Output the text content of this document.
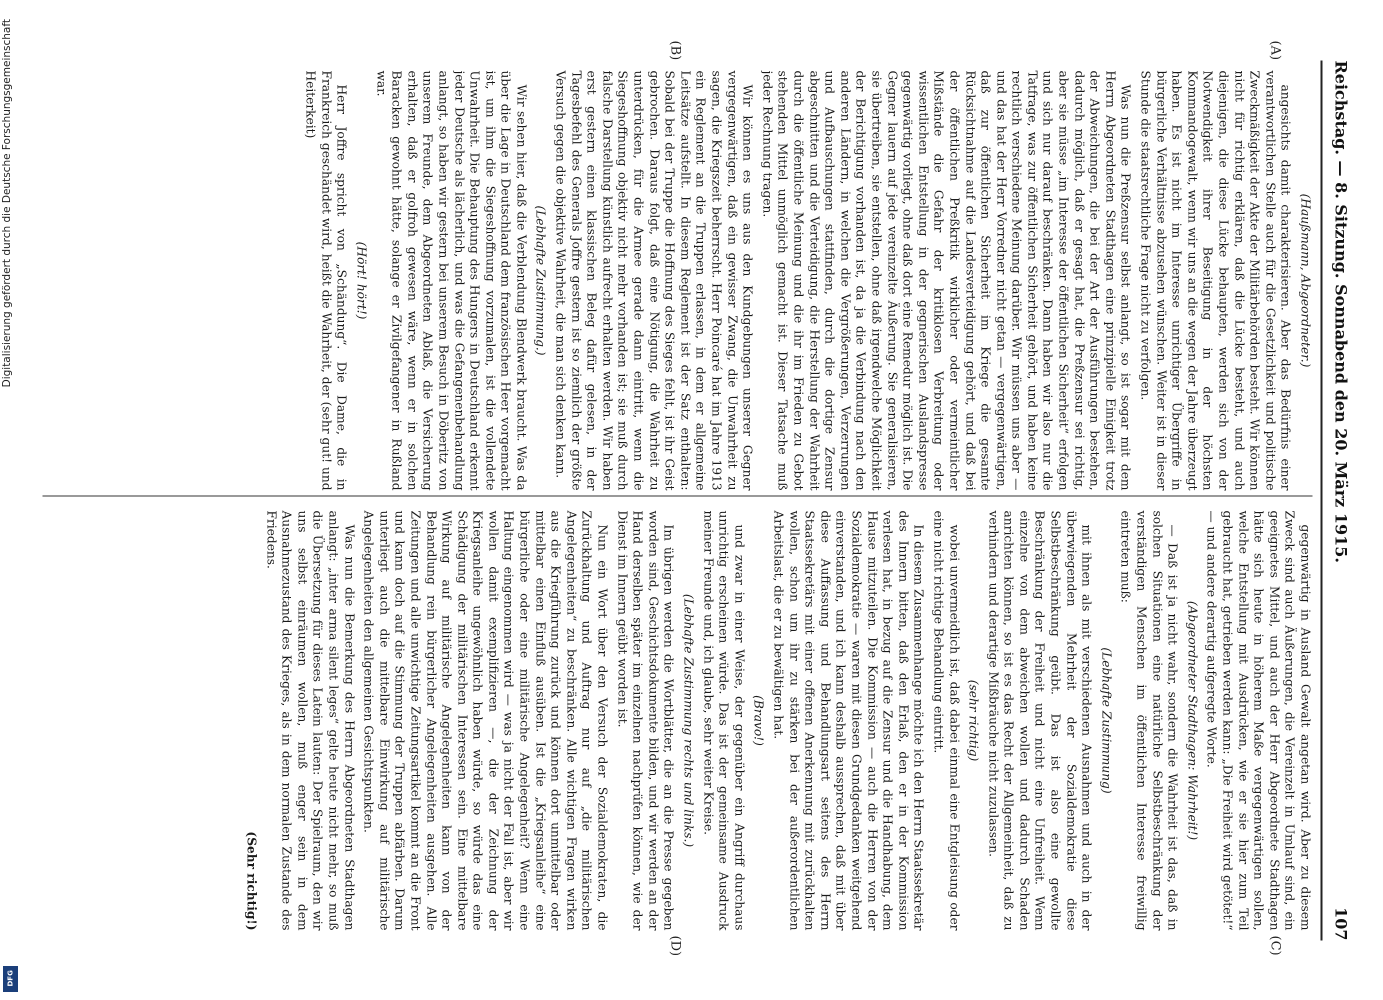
Reichstag. — 8. Sitzung. Sonnabend den 20. März 1915.
107
(A)
(B)
(C)
(D)

(Haußmann, Abgeordneter.)

angesichts damit charakterisieren. Aber das Bedürfnis einer verantwortlichen Stelle auch für die Gesetzlichkeit und politische Zweckmäßigkeit der Akte der Militärbehörden besteht. Wir können nicht für richtig erklären, daß die Lücke besteht, und auch diejenigen, die diese Lücke behaupten, werden sich von der Notwendigkeit ihrer Beseitigung in der höchsten Kommandogewalt, wenn wir uns an die wegen der Jahre überzeugt haben. Es ist nicht im Interesse unrichtiger Übergriffe in bürgerliche Verhältnisse abzusehen wünschen. Weiter ist in dieser Stunde die staatsrechtliche Frage nicht zu verfolgen.

Was nun die Preßzensur selbst anlangt, so ist sogar mit dem Herrn Abgeordneten Stadthagen eine prinzipielle Einigkeit trotz der Abweichungen, die bei der Art der Ausführungen bestehen, dadurch möglich, daß er gesagt hat, die Preßzensur sei richtig, aber sie müsse „im Interesse der öffentlichen Sicherheit“ erfolgen und sich nur darauf beschränken. Dann haben wir also nur die Tatfrage, was zur öffentlichen Sicherheit gehört, und haben keine rechtlich verschiedene Meinung darüber. Wir müssen uns aber — und das hat der Herr Vorredner nicht getan — vergegenwärtigen, daß zur öffentlichen Sicherheit im Kriege die gesamte Rücksichtnahme auf die Landesverteidigung gehört, und daß bei der öffentlichen Preßkritik wirklicher oder vermeintlicher Mißstände die Gefahr der kritiklosen Verbreitung oder wissentlichen Entstellung in der gegnerischen Auslandspresse gegenwärtig vorliegt, ohne daß dort eine Remedur möglich ist. Die Gegner lauern auf jede vereinzelte Äußerung. Sie generalisieren, sie übertreiben, sie entstellen, ohne daß irgendwelche Möglichkeit der Berichtigung vorhanden ist, da ja die Verbindung nach den anderen Ländern, in welchen die Vergrößerungen, Verzerrungen und Aufbauschungen stattfinden, durch die dortige Zensur abgeschnitten und die Verteidigung, die Herstellung der Wahrheit durch die öffentliche Meinung und die ihr im Frieden zu Gebot stehenden Mittel unmöglich gemacht ist. Dieser Tatsache muß jeder Rechnung tragen.

Wir können es uns aus den Kundgebungen unserer Gegner vergegenwärtigen, daß ein gewisser Zwang, die Unwahrheit zu sagen, die Kriegszeit beherrscht. Herr Poincaré hat im Jahre 1913 ein Reglement an die Truppen erlassen, in dem er allgemeine Leitsätze aufstellt. In diesem Reglement ist der Satz enthalten: Sobald bei der Truppe die Hoffnung des Sieges fehlt, ist ihr Geist gebrochen. Daraus folgt, daß eine Nötigung, die Wahrheit zu unterdrücken, für die Armee gerade dann eintritt, wenn die Siegeshoffnung objektiv nicht mehr vorhanden ist; sie muß durch falsche Darstellung künstlich aufrecht erhalten werden. Wir haben erst gestern einen klassischen Beleg dafür gelesen, in der Tagesbefehl des Generals Joffre gestern ist so ziemlich der größte Versuch gegen die objektive Wahrheit, die man sich denken kann.

(Lebhafte Zustimmung.)

Wir sehen hier, daß die Verblendung Blendwerk braucht. Was da über die Lage in Deutschland dem französischen Heer vorgemacht ist, um ihm die Siegeshoffnung vorzumalen, ist die vollendete Unwahrheit. Die Behauptung des Hungers in Deutschland erkennt jeder Deutsche als lächerlich, und was die Gefangenenbehandlung anlangt, so haben wir gestern bei unserem Besuch in Döberitz von unserem Freunde, dem Abgeordneten Ablaß, die Versicherung erhalten, daß er golfroh gewesen wäre, wenn er in solchen Baracken gewohnt hätte, solange er Zivilgefangener in Rußland war.

(Hört! hört!)

Herr Joffre spricht von „Schändung“. Die Dame, die in Frankreich geschändet wird, heißt die Wahrheit, der (sehr gut! und Heiterkeit)

gegenwärtig in Ausland Gewalt angetan wird. Aber zu diesem Zweck sind auch Äußerungen, die Vereinzelt in Umlauf sind, ein geeignetes Mittel, und auch der Herr Abgeordnete Stadthagen hätte sich heute in höherem Maße vergegenwärtigen sollen, welche Entstellung mit Ausdrücken, wie er sie hier zum Teil gebraucht hat, getrieben werden kann: „Die Freiheit wird getötet!“ — und andere derartig aufgeregte Worte.

(Abgeordneter Stadthagen: Wahrheit!)

— Daß ist ja nicht wahr, sondern die Wahrheit ist das, daß in solchen Situationen eine natürliche Selbstbeschränkung der verständigen Menschen im öffentlichen Interesse freiwillig eintreten muß:

(Lebhafte Zustimmung)

mit ihnen als mit verschiedenen Ausnahmen und auch in der überwiegenden Mehrheit der Sozialdemokratie diese Selbstbeschränkung geübt. Das ist also eine gewollte Beschränkung der Freiheit und nicht eine Unfreiheit. Wenn einzelne von dem abweichen wollen und dadurch Schaden anrichten können, so ist es das Recht der Allgemeinheit, daß zu verhindern und derartige Mißbräuche nicht zuzulassen.

(sehr richtig)

wobei unvermeidlich ist, daß dabei einmal eine Entgleisung oder eine nicht richtige Behandlung eintritt.

In diesem Zusammenhange möchte ich den Herrn Staatssekretär des Innern bitten, daß den Erlaß, den er in der Kommission verlesen hat, in bezug auf die Zensur und die Handhabung, dem Hause mitzuteilen. Die Kommission — auch die Herren von der Sozialdemokratie — waren mit diesen Grundgedanken weitgehend einverstanden, und ich kann deshalb aussprechen, daß mit über diese Auffassung und Behandlungsart seitens des Herrn Staatssekretärs mit einer offenen Anerkennung mit zurückhalten wollen, schon um ihr zu stärken bei der außerordentlichen Arbeitslast, die er zu bewältigen hat.

(Bravo!)

und zwar in einer Weise, der gegenüber ein Angriff durchaus unrichtig erscheinen würde. Das ist der gemeinsame Ausdruck meiner Freunde und, ich glaube, sehr weiter Kreise.

(Lebhafte Zustimmung rechts und links.)

Im übrigen werden die Wortblätter, die an die Presse gegeben worden sind, Geschichtsdokumente bilden, und wir werden an der Hand derselben später im einzelnen nachprüfen können, wie der Dienst im Innern geübt worden ist.

Nun ein Wort über den Versuch der Sozialdemokraten, die Zurückhaltung und Auftrag nur auf „die militärischen Angelegenheiten“ zu beschränken. Alle wichtigen Fragen wirken aus die Kriegführung zurück und können dort unmittelbar oder mittelbar einen Einfluß ausüben. Ist die „Kriegsanleihe“ eine bürgerliche oder eine militärische Angelegenheit? Wenn eine Haltung eingenommen wird — was ja nicht der Fall ist, aber wir wollen damit exemplifizieren —, die der Zeichnung der Kriegsanleihe ungewöhnlich haben würde, so würde das eine Schädigung der militärischen Interessen sein. Eine mittelbare Wirkung auf militärische Angelegenheiten kann von der Behandlung rein bürgerlicher Angelegenheiten ausgehen. Alle Zeitungen und alle unwichtige Zeitungsartikel kommt an die Front und kann doch auf die Stimmung der Truppen abfärben. Darum unterliegt auch die mittelbare Einwirkung auf militärische Angelegenheiten den allgemeinen Gesichtspunkten.

Was nun die Bemerkung des Herrn Abgeordneten Stadthagen anlangt: „inter arma silent leges“ gelte heute nicht mehr, so muß die Übersetzung für dieses Latein lauten: Der Spielraum, den wir uns selbst einräumen wollen, muß enger sein in dem Ausnahmezustand des Krieges, als in dem normalen Zustande des Friedens.

(Sehr richtig!)

Digitalisierung gefördert durch die Deutsche Forschungsgemeinschaft
DFG
